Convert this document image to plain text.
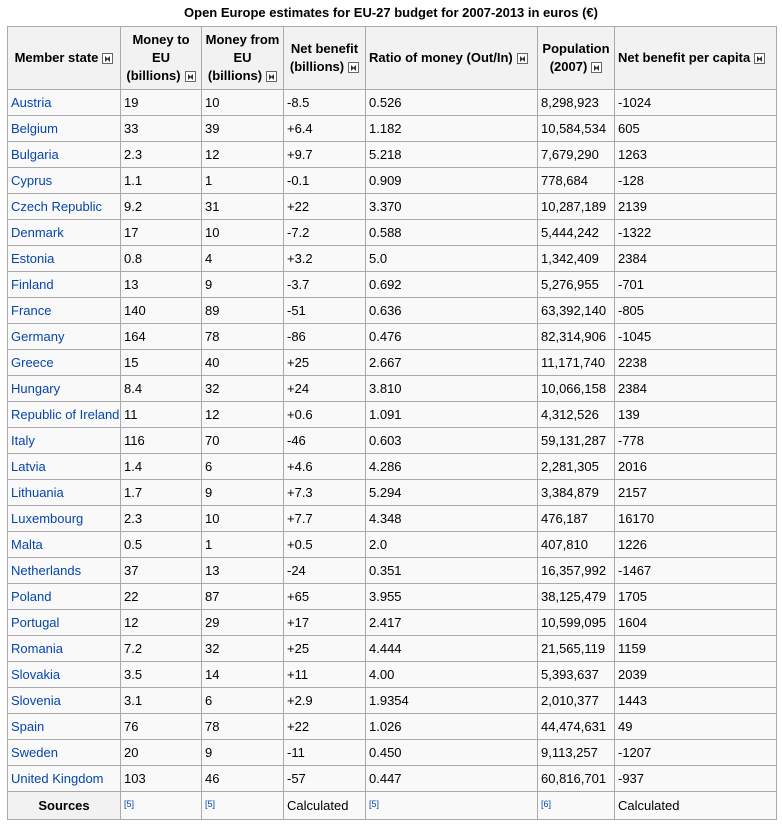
Open Europe estimates for EU-27 budget for 2007-2013 in euros (€)
Member state	Money to EU (billions)	Money from EU (billions)	Net benefit (billions)	Ratio of money (Out/In)	Population (2007)	Net benefit per capita
Austria	19	10	-8.5	0.526	8,298,923	-1024
Belgium	33	39	+6.4	1.182	10,584,534	605
Bulgaria	2.3	12	+9.7	5.218	7,679,290	1263
Cyprus	1.1	1	-0.1	0.909	778,684	-128
Czech Republic	9.2	31	+22	3.370	10,287,189	2139
Denmark	17	10	-7.2	0.588	5,444,242	-1322
Estonia	0.8	4	+3.2	5.0	1,342,409	2384
Finland	13	9	-3.7	0.692	5,276,955	-701
France	140	89	-51	0.636	63,392,140	-805
Germany	164	78	-86	0.476	82,314,906	-1045
Greece	15	40	+25	2.667	11,171,740	2238
Hungary	8.4	32	+24	3.810	10,066,158	2384
Republic of Ireland	11	12	+0.6	1.091	4,312,526	139
Italy	116	70	-46	0.603	59,131,287	-778
Latvia	1.4	6	+4.6	4.286	2,281,305	2016
Lithuania	1.7	9	+7.3	5.294	3,384,879	2157
Luxembourg	2.3	10	+7.7	4.348	476,187	16170
Malta	0.5	1	+0.5	2.0	407,810	1226
Netherlands	37	13	-24	0.351	16,357,992	-1467
Poland	22	87	+65	3.955	38,125,479	1705
Portugal	12	29	+17	2.417	10,599,095	1604
Romania	7.2	32	+25	4.444	21,565,119	1159
Slovakia	3.5	14	+11	4.00	5,393,637	2039
Slovenia	3.1	6	+2.9	1.9354	2,010,377	1443
Spain	76	78	+22	1.026	44,474,631	49
Sweden	20	9	-11	0.450	9,113,257	-1207
United Kingdom	103	46	-57	0.447	60,816,701	-937
Sources	[5]	[5]	Calculated	[5]	[6]	Calculated
